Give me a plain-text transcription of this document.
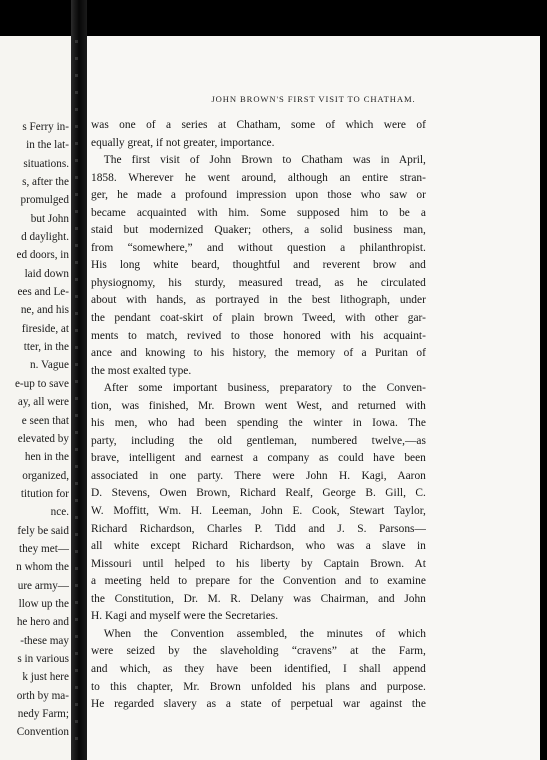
s Ferry in-
in the lat-
situations.
s, after the
promulged
but John
d daylight.
ed doors, in
laid down
ees and Le-
ne, and his
fireside, at
tter, in the
n. Vague
e-up to save
ay, all were
e seen that
elevated by
hen in the
organized,
titution for
nce.
fely be said
they met—
n whom the
ure army—
llow up the
he hero and
-these may
s in various
k just here
orth by ma-
nedy Farm;
Convention
JOHN BROWN'S FIRST VISIT TO CHATHAM.
was one of a series at Chatham, some of which were of
equally great, if not greater, importance.
The first visit of John Brown to Chatham was in April,
1858. Wherever he went around, although an entire stran-
ger, he made a profound impression upon those who saw or
became acquainted with him. Some supposed him to be a
staid but modernized Quaker; others, a solid business man,
from “somewhere,” and without question a philanthropist.
His long white beard, thoughtful and reverent brow and
physiognomy, his sturdy, measured tread, as he circulated
about with hands, as portrayed in the best lithograph, under
the pendant coat-skirt of plain brown Tweed, with other gar-
ments to match, revived to those honored with his acquaint-
ance and knowing to his history, the memory of a Puritan of
the most exalted type.
After some important business, preparatory to the Conven-
tion, was finished, Mr. Brown went West, and returned with
his men, who had been spending the winter in Iowa. The
party, including the old gentleman, numbered twelve,—as
brave, intelligent and earnest a company as could have been
associated in one party. There were John H. Kagi, Aaron
D. Stevens, Owen Brown, Richard Realf, George B. Gill, C.
W. Moffitt, Wm. H. Leeman, John E. Cook, Stewart Taylor,
Richard Richardson, Charles P. Tidd and J. S. Parsons—
all white except Richard Richardson, who was a slave in
Missouri until helped to his liberty by Captain Brown. At
a meeting held to prepare for the Convention and to examine
the Constitution, Dr. M. R. Delany was Chairman, and John
H. Kagi and myself were the Secretaries.
When the Convention assembled, the minutes of which
were seized by the slaveholding “cravens” at the Farm,
and which, as they have been identified, I shall append
to this chapter, Mr. Brown unfolded his plans and purpose.
He regarded slavery as a state of perpetual war against the
